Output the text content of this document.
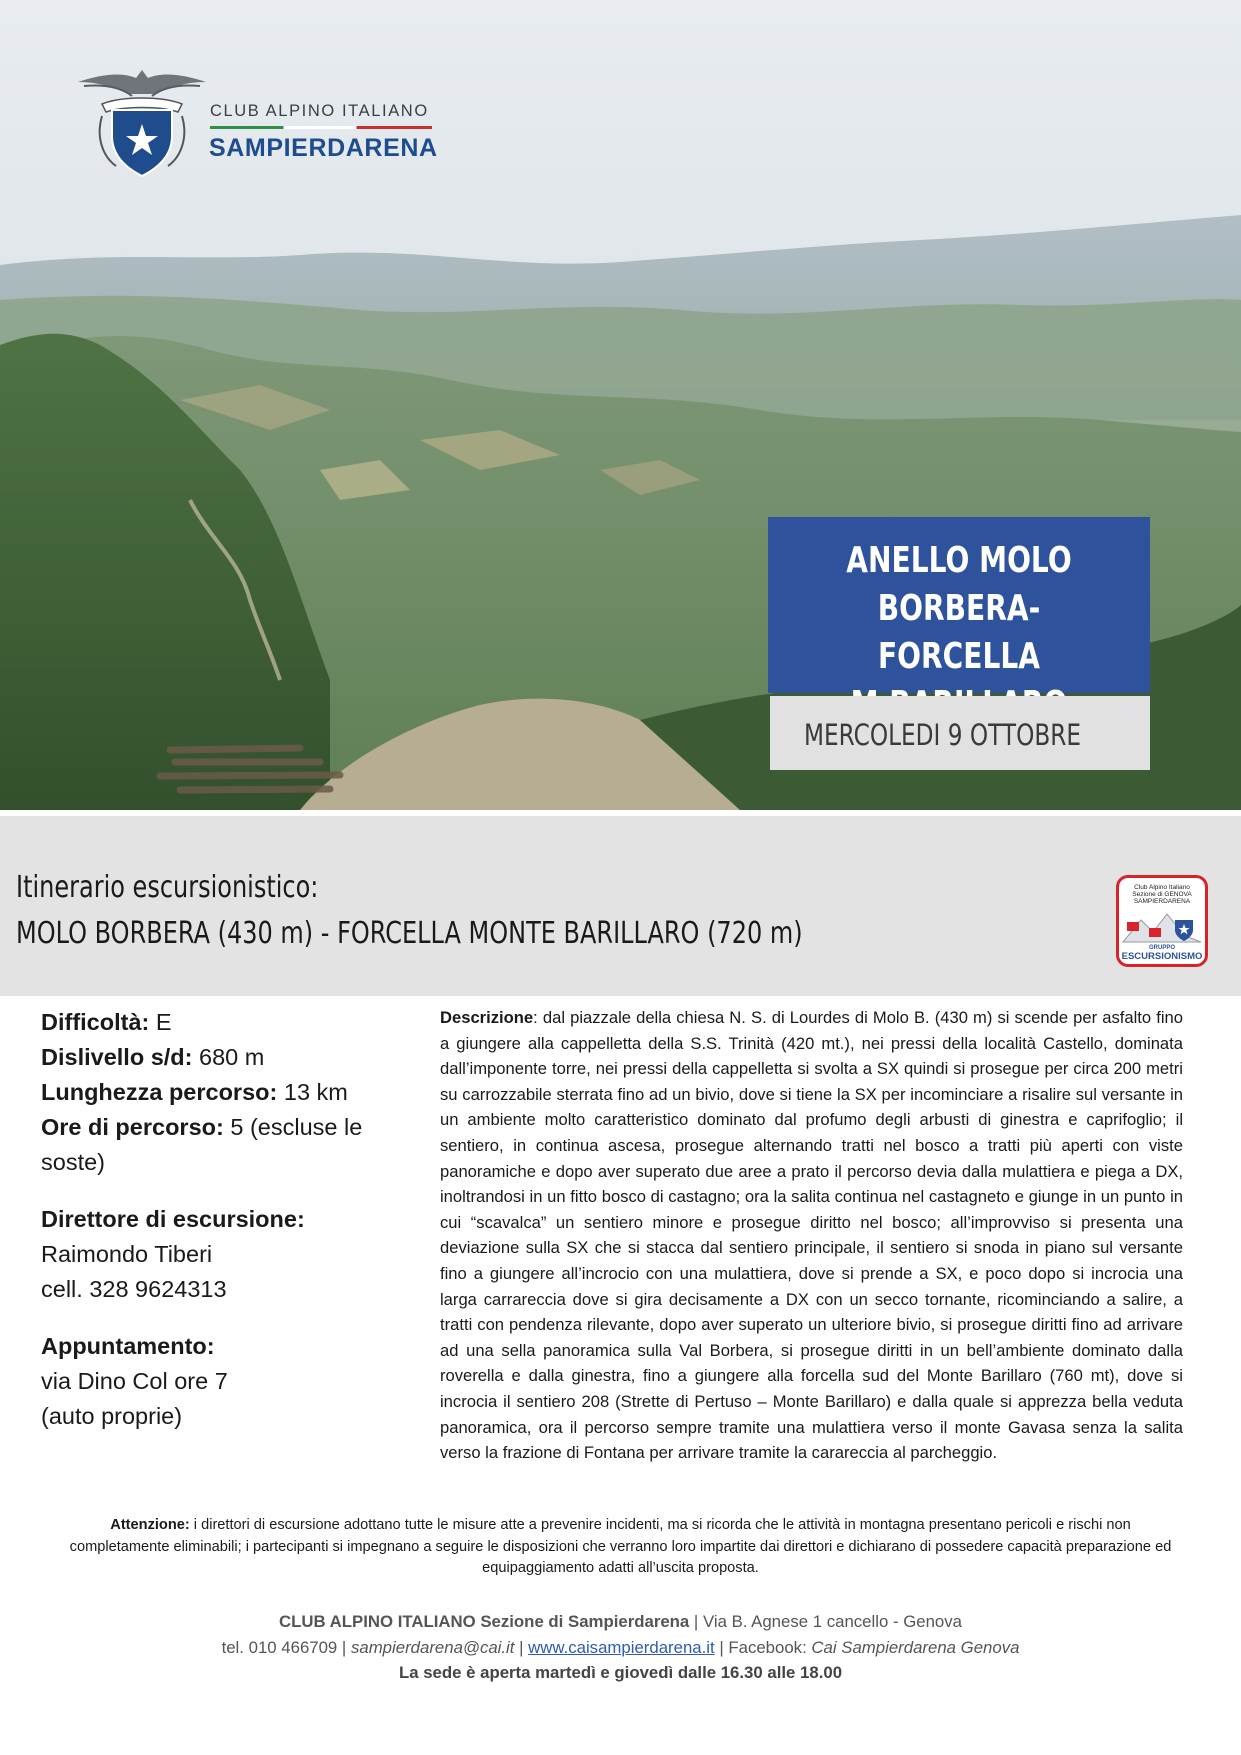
CLUB ALPINO ITALIANO
SAMPIERDARENA
ANELLO MOLO
BORBERA-FORCELLA
MERCOLEDI 9 OTTOBRE
Itinerario escursionistico:
MOLO BORBERA (430 m) - FORCELLA MONTE BARILLARO (720 m)
Club Alpino Italiano
Sezione di GENOVA
SAMPIERDARENA
GRUPPO
ESCURSIONISMO
Difficoltà: E
Dislivello s/d: 680 m
Lunghezza percorso: 13 km
Ore di percorso: 5 (escluse le soste)
Direttore di escursione:
Raimondo Tiberi
cell. 328 9624313
Appuntamento:
via Dino Col ore 7
(auto proprie)
Descrizione: dal piazzale della chiesa N. S. di Lourdes di Molo B. (430 m) si scende per asfalto fino a giungere alla cappelletta della S.S. Trinità (420 mt.), nei pressi della località Castello, dominata dall’imponente torre, nei pressi della cappelletta si svolta a SX quindi si prosegue per circa 200 metri su carrozzabile sterrata fino ad un bivio, dove si tiene la SX per incominciare a risalire sul versante in un ambiente molto caratteristico dominato dal profumo degli arbusti di ginestra e caprifoglio; il sentiero, in continua ascesa, prosegue alternando tratti nel bosco a tratti più aperti con viste panoramiche e dopo aver superato due aree a prato il percorso devia dalla mulattiera e piega a DX, inoltrandosi in un fitto bosco di castagno; ora la salita continua nel castagneto e giunge in un punto in cui “scavalca” un sentiero minore e prosegue diritto nel bosco; all’improvviso si presenta una deviazione sulla SX che si stacca dal sentiero principale, il sentiero si snoda in piano sul versante fino a giungere all’incrocio con una mulattiera, dove si prende a SX, e poco dopo si incrocia una larga carrareccia dove si gira decisamente a DX con un secco tornante, ricominciando a salire, a tratti con pendenza rilevante, dopo aver superato un ulteriore bivio, si prosegue diritti fino ad arrivare ad una sella panoramica sulla Val Borbera, si prosegue diritti in un bell’ambiente dominato dalla roverella e dalla ginestra, fino a giungere alla forcella sud del Monte Barillaro (760 mt), dove si incrocia il sentiero 208 (Strette di Pertuso – Monte Barillaro) e dalla quale si apprezza bella veduta panoramica, ora il percorso sempre tramite una mulattiera verso il monte Gavasa senza la salita verso la frazione di Fontana per arrivare tramite la carareccia al parcheggio.
Attenzione: i direttori di escursione adottano tutte le misure atte a prevenire incidenti, ma si ricorda che le attività in montagna presentano pericoli e rischi non completamente eliminabili; i partecipanti si impegnano a seguire le disposizioni che verranno loro impartite dai direttori e dichiarano di possedere capacità preparazione ed equipaggiamento adatti all’uscita proposta.
CLUB ALPINO ITALIANO Sezione di Sampierdarena | Via B. Agnese 1 cancello - Genova
tel. 010 466709 | sampierdarena@cai.it | www.caisampierdarena.it | Facebook: Cai Sampierdarena Genova
La sede è aperta martedì e giovedì dalle 16.30 alle 18.00
